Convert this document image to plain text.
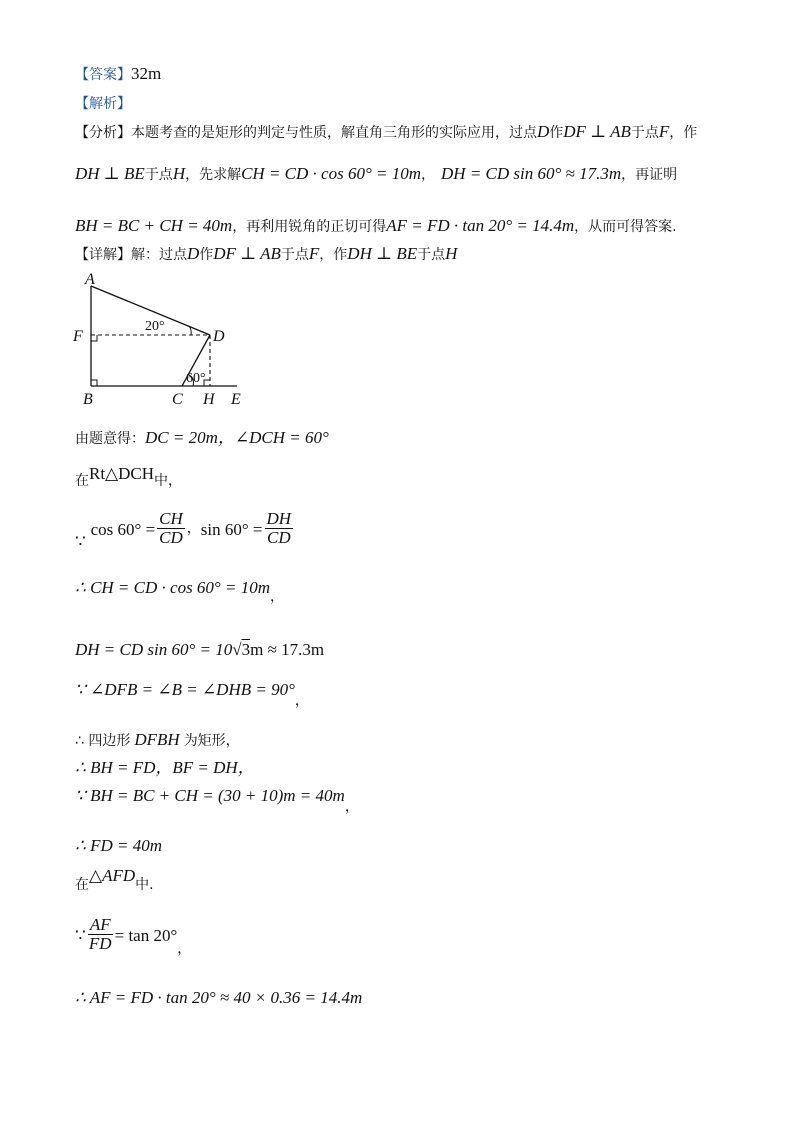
【答案】32m
【解析】
【分析】本题考查的是矩形的判定与性质，解直角三角形的实际应用，过点D作DF ⊥ AB于点F，作
DH ⊥ BE于点H，先求解CH = CD · cos 60° = 10m， DH = CD sin 60° ≈ 17.3m，再证明
BH = BC + CH = 40m，再利用锐角的正切可得AF = FD · tan 20° = 14.4m，从而可得答案.
【详解】解：过点D作DF ⊥ AB于点F，作DH ⊥ BE于点H
A
F	D
B	C H E
20°
60°
由题意得：DC = 20m，∠DCH = 60°
在Rt△DCH中，
∵ $\cos 60^\circ = \frac{CH}{CD}$ ，$\sin 60^\circ = \frac{DH}{CD}$
∴ CH = CD · cos 60° = 10m，
DH = CD sin 60° = 10√3m ≈ 17.3m
∵ ∠DFB = ∠B = ∠DHB = 90°，
∴ 四边形 DFBH 为矩形，
∴ BH = FD，BF = DH，
∵ BH = BC + CH = (30 + 10)m = 40m，
∴ FD = 40m
在△AFD中.
∵ $\frac{AF}{FD} = \tan 20^\circ$，
∴ AF = FD · tan 20° ≈ 40 × 0.36 = 14.4m
